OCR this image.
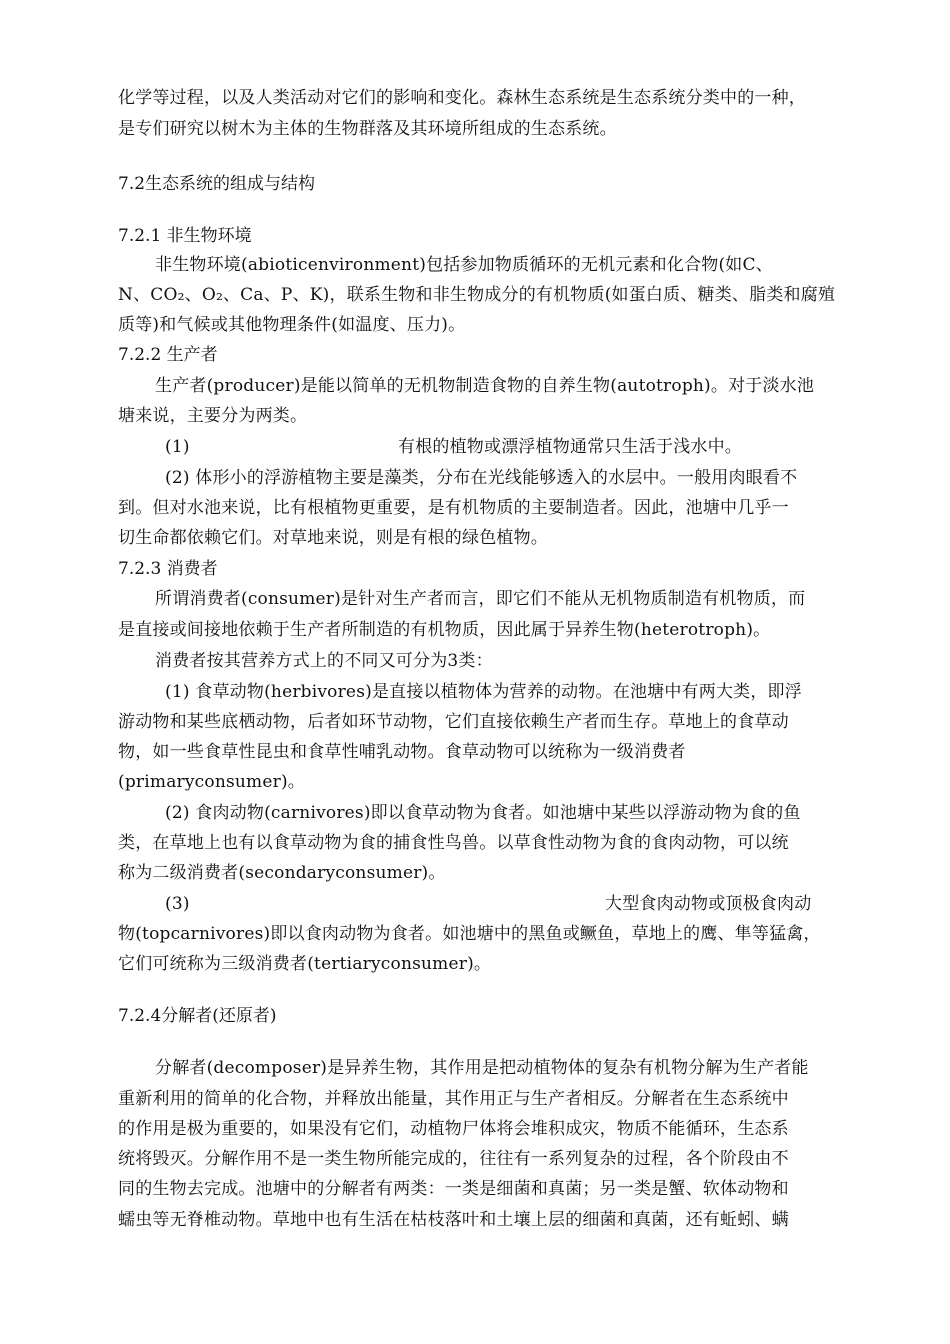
化学等过程，以及人类活动对它们的影响和变化。森林生态系统是生态系统分类中的一种，
是专们研究以树木为主体的生物群落及其环境所组成的生态系统。
7.2生态系统的组成与结构
7.2.1 非生物环境
非生物环境(abioticenvironment)包括参加物质循环的无机元素和化合物(如C、
N、CO₂、O₂、Ca、P、K)，联系生物和非生物成分的有机物质(如蛋白质、糖类、脂类和腐殖
质等)和气候或其他物理条件(如温度、压力)。
7.2.2 生产者
生产者(producer)是能以简单的无机物制造食物的自养生物(autotroph)。对于淡水池
塘来说，主要分为两类。
(1)	有根的植物或漂浮植物通常只生活于浅水中。
(2) 体形小的浮游植物主要是藻类，分布在光线能够透入的水层中。一般用肉眼看不
到。但对水池来说，比有根植物更重要，是有机物质的主要制造者。因此，池塘中几乎一
切生命都依赖它们。对草地来说，则是有根的绿色植物。
7.2.3 消费者
所谓消费者(consumer)是针对生产者而言，即它们不能从无机物质制造有机物质，而
是直接或间接地依赖于生产者所制造的有机物质，因此属于异养生物(heterotroph)。
消费者按其营养方式上的不同又可分为3类：
(1) 食草动物(herbivores)是直接以植物体为营养的动物。在池塘中有两大类，即浮
游动物和某些底栖动物，后者如环节动物，它们直接依赖生产者而生存。草地上的食草动
物，如一些食草性昆虫和食草性哺乳动物。食草动物可以统称为一级消费者
(primaryconsumer)。
(2) 食肉动物(carnivores)即以食草动物为食者。如池塘中某些以浮游动物为食的鱼
类，在草地上也有以食草动物为食的捕食性鸟兽。以草食性动物为食的食肉动物，可以统
称为二级消费者(secondaryconsumer)。
(3)	大型食肉动物或顶极食肉动
物(topcarnivores)即以食肉动物为食者。如池塘中的黑鱼或鳜鱼，草地上的鹰、隼等猛禽，
它们可统称为三级消费者(tertiaryconsumer)。
7.2.4分解者(还原者)
分解者(decomposer)是异养生物，其作用是把动植物体的复杂有机物分解为生产者能
重新利用的简单的化合物，并释放出能量，其作用正与生产者相反。分解者在生态系统中
的作用是极为重要的，如果没有它们，动植物尸体将会堆积成灾，物质不能循环，生态系
统将毁灭。分解作用不是一类生物所能完成的，往往有一系列复杂的过程，各个阶段由不
同的生物去完成。池塘中的分解者有两类：一类是细菌和真菌；另一类是蟹、软体动物和
蠕虫等无脊椎动物。草地中也有生活在枯枝落叶和土壤上层的细菌和真菌，还有蚯蚓、螨
